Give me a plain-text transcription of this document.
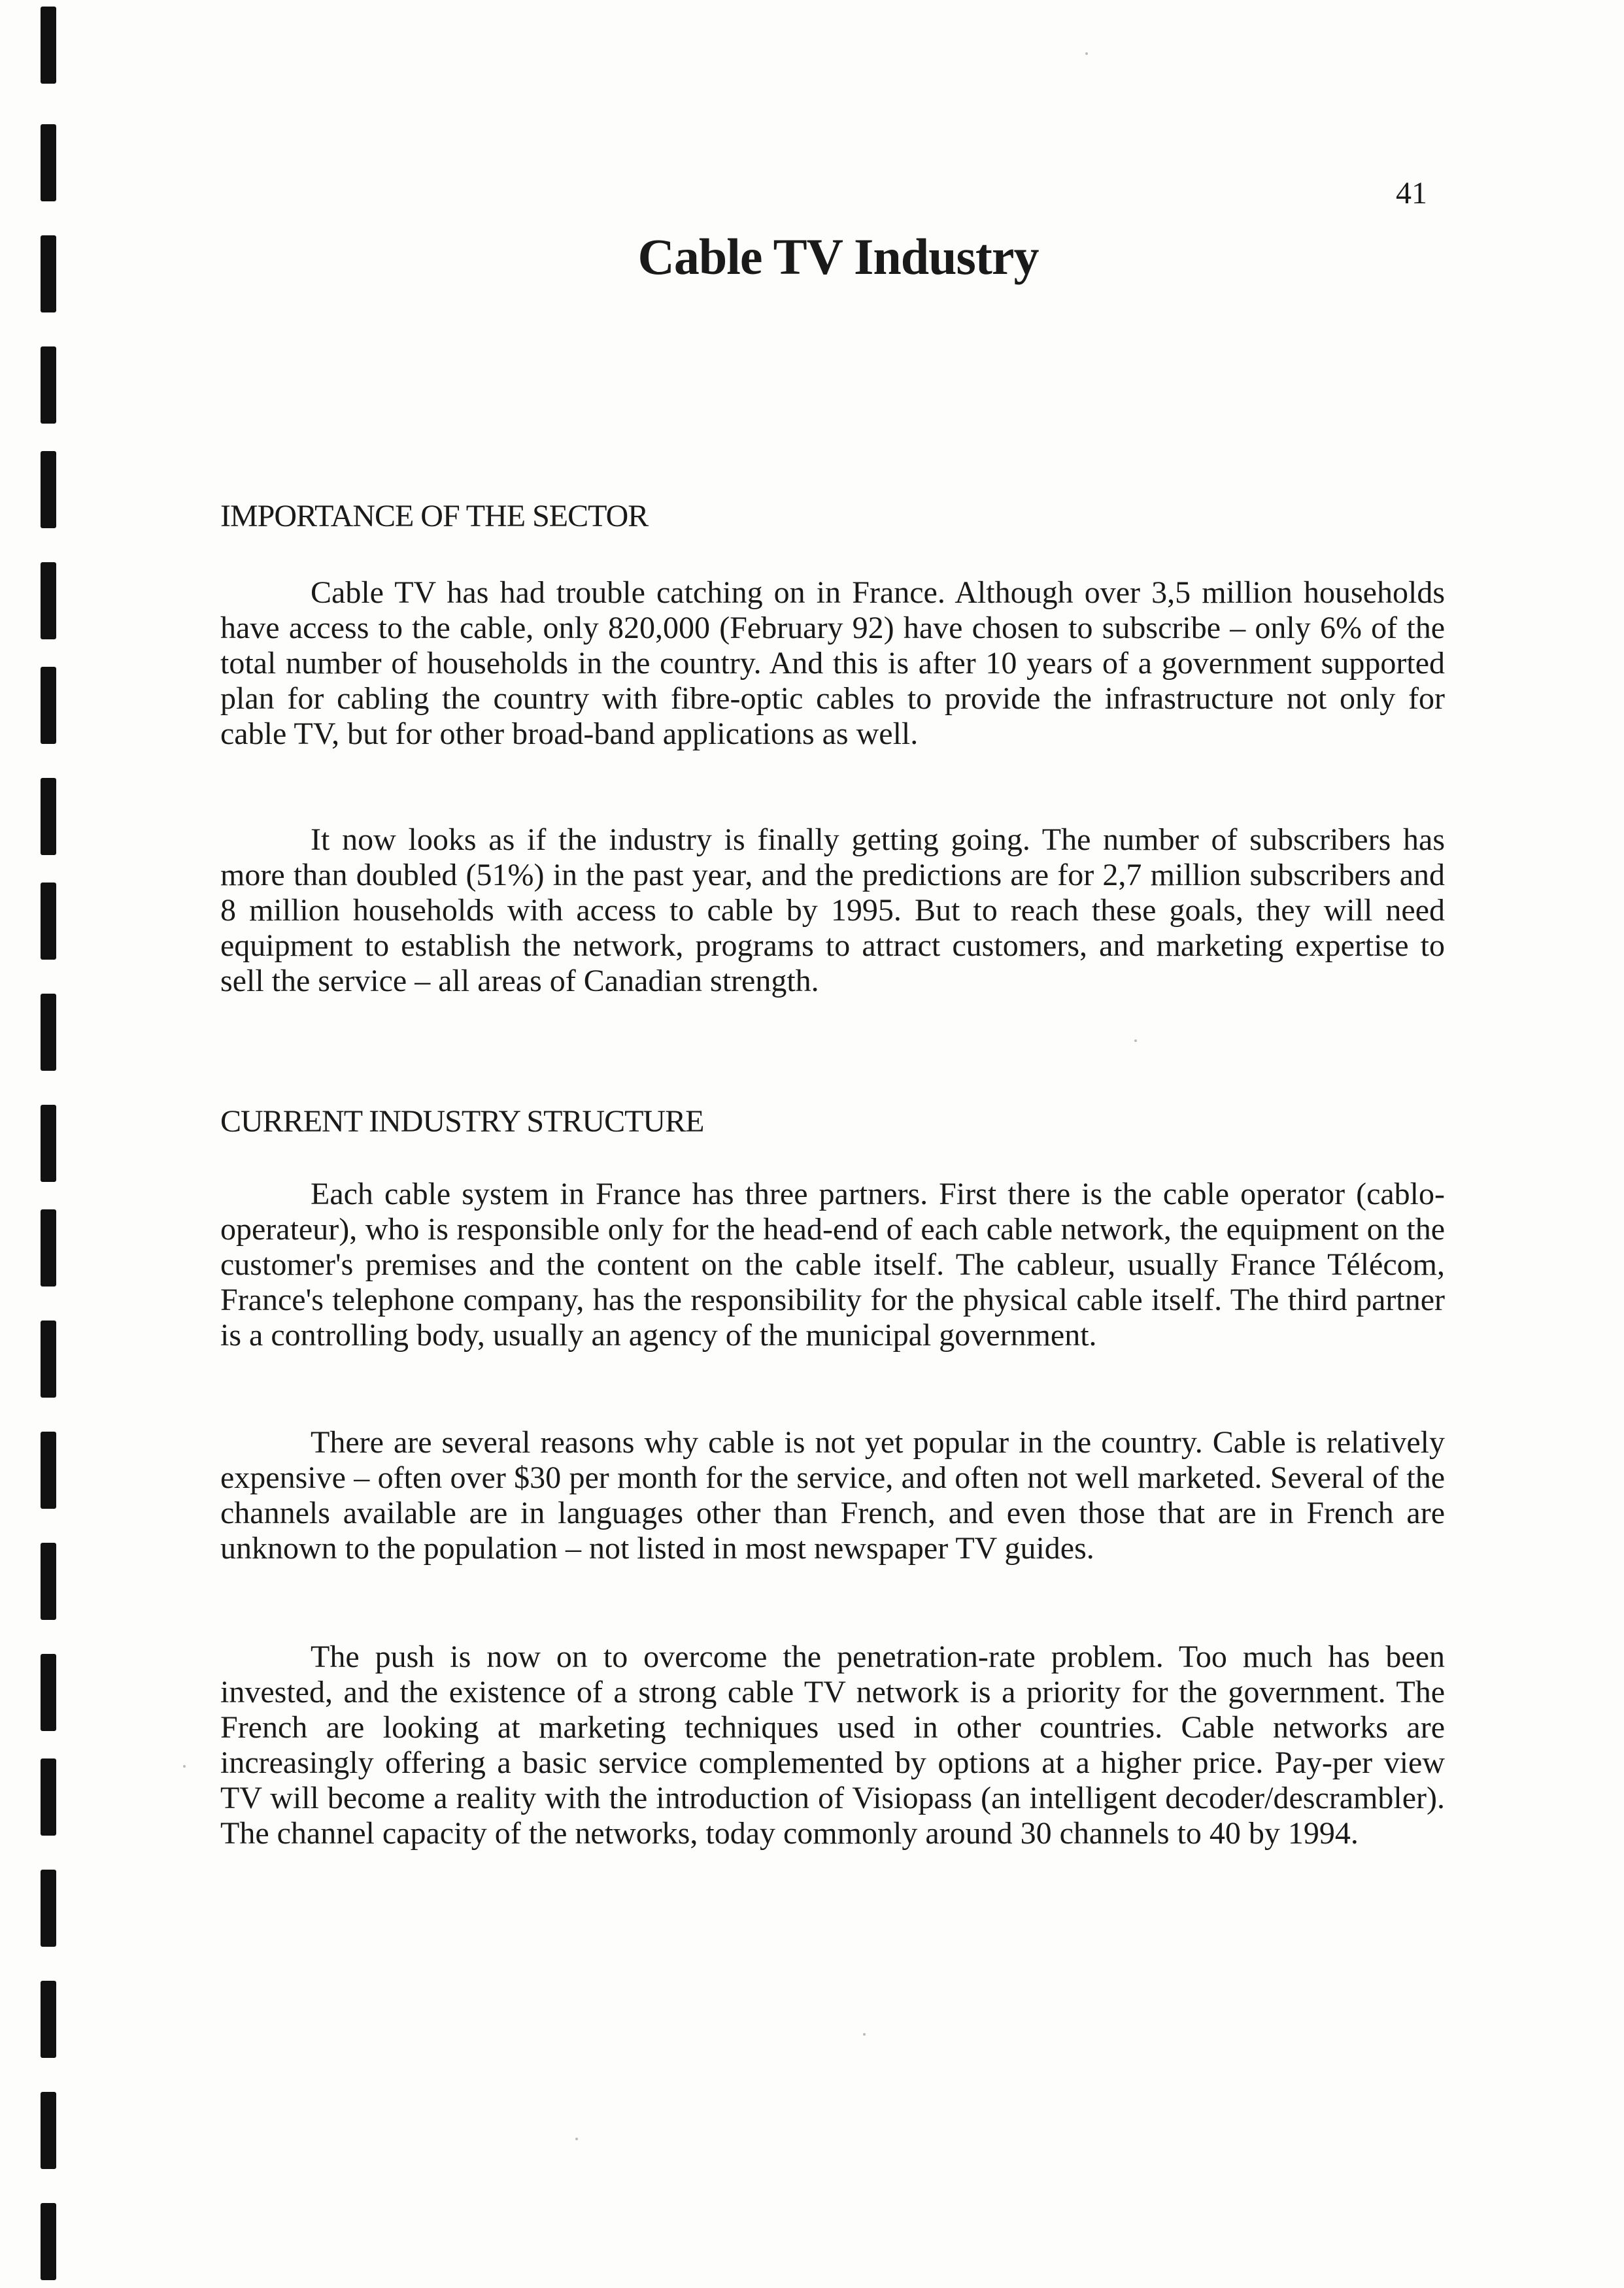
41
Cable TV Industry
IMPORTANCE OF THE SECTOR

Cable TV has had trouble catching on in France. Although over 3,5 million households have access to the cable, only 820,000 (February 92) have chosen to subscribe – only 6% of the total number of households in the country. And this is after 10 years of a government supported plan for cabling the country with fibre-optic cables to provide the infrastructure not only for cable TV, but for other broad-band applications as well.

It now looks as if the industry is finally getting going. The number of subscribers has more than doubled (51%) in the past year, and the predictions are for 2,7 million subscribers and 8 million households with access to cable by 1995. But to reach these goals, they will need equipment to establish the network, programs to attract customers, and marketing expertise to sell the service – all areas of Canadian strength.

CURRENT INDUSTRY STRUCTURE

Each cable system in France has three partners. First there is the cable operator (cablo-operateur), who is responsible only for the head-end of each cable network, the equipment on the customer's premises and the content on the cable itself. The cableur, usually France Télécom, France's telephone company, has the responsibility for the physical cable itself. The third partner is a controlling body, usually an agency of the municipal government.

There are several reasons why cable is not yet popular in the country. Cable is relatively expensive – often over $30 per month for the service, and often not well marketed. Several of the channels available are in languages other than French, and even those that are in French are unknown to the population – not listed in most newspaper TV guides.

The push is now on to overcome the penetration-rate problem. Too much has been invested, and the existence of a strong cable TV network is a priority for the government. The French are looking at marketing techniques used in other countries. Cable networks are increasingly offering a basic service complemented by options at a higher price. Pay-per view TV will become a reality with the introduction of Visiopass (an intelligent decoder/descrambler). The channel capacity of the networks, today commonly around 30 channels to 40 by 1994.
